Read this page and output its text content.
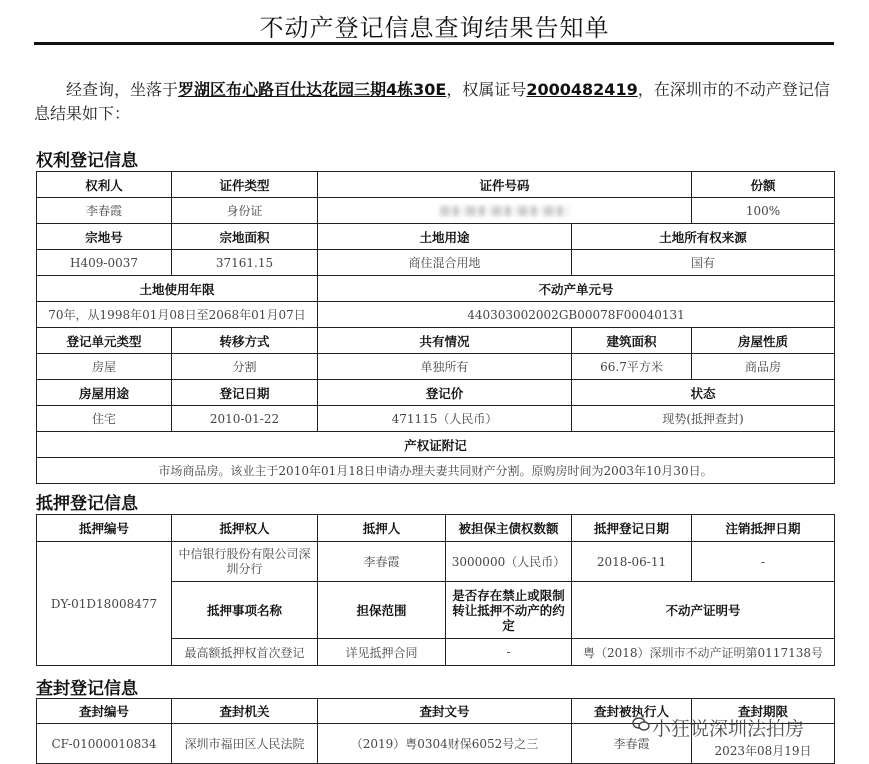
不动产登记信息查询结果告知单
经查询，坐落于罗湖区布心路百仕达花园三期4栋30E，权属证号2000482419，在深圳市的不动产登记信息结果如下：
权利登记信息
权利人	证件类型	证件号码		份额
李春霞	身份证			100%
宗地号	宗地面积	土地用途	土地所有权来源	
H409-0037	37161.15	商住混合用地	国有	
土地使用年限		不动产单元号		
70年，从1998年01月08日至2068年01月07日		440303002002GB00078F00040131		
登记单元类型	转移方式	共有情况	建筑面积	房屋性质
房屋	分割	单独所有	66.7平方米	商品房
房屋用途	登记日期	登记价	状态	
住宅	2010-01-22	471115（人民币）	现势(抵押查封)	
产权证附记				
市场商品房。该业主于2010年01月18日申请办理夫妻共同财产分割。原购房时间为2003年10月30日。				
抵押登记信息
抵押编号	抵押权人	抵押人	被担保主债权数额	抵押登记日期	注销抵押日期
DY-01D18008477	中信银行股份有限公司深圳分行	李春霞	3000000（人民币）	2018-06-11	-
	抵押事项名称	担保范围	是否存在禁止或限制转让抵押不动产的约定	不动产证明号	
	最高额抵押权首次登记	详见抵押合同	-	粤（2018）深圳市不动产证明第0117138号	
查封登记信息
查封编号	查封机关	查封文号	查封被执行人	查封期限
CF-01000010834	深圳市福田区人民法院	（2019）粤0304财保6052号之三	李春霞	2023年08月19日
小狂说深圳法拍房
